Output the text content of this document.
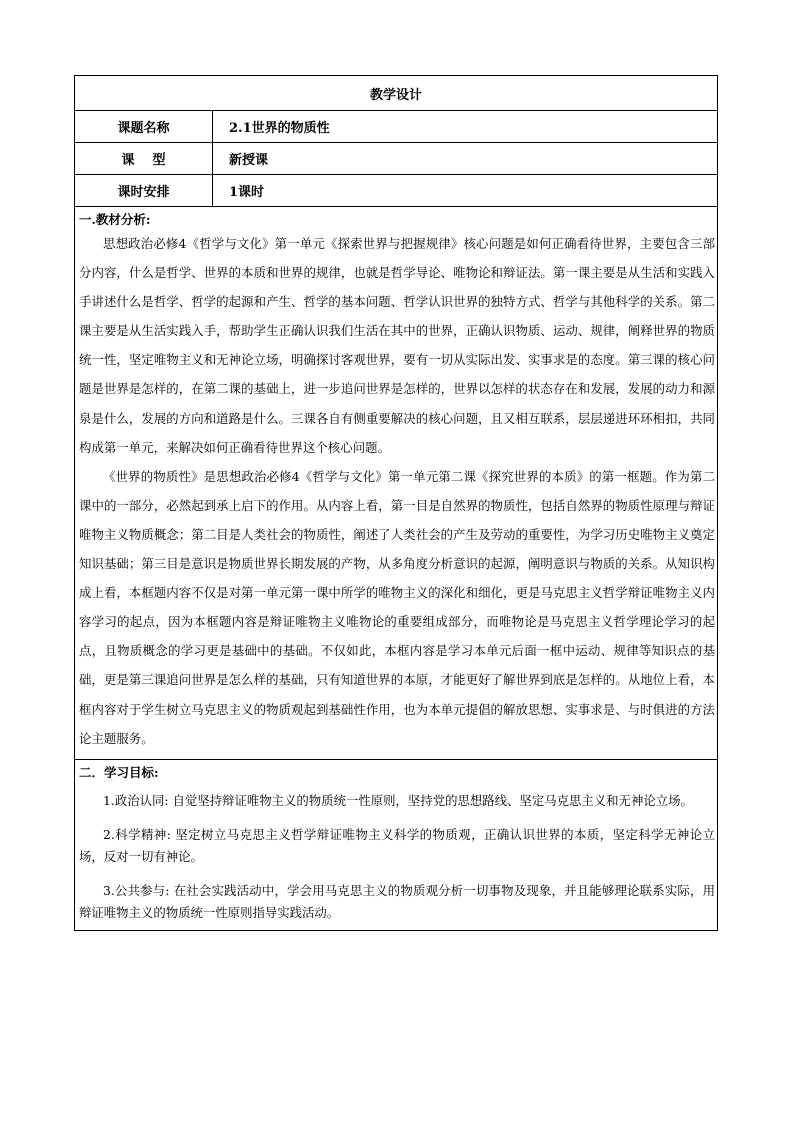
教学设计	
课题名称	2.1世界的物质性
课    型	新授课
课时安排	1课时

一.教材分析:

思想政治必修4《哲学与文化》第一单元《探索世界与把握规律》核心问题是如何正确看待世界，主要包含三部分内容，什么是哲学、世界的本质和世界的规律，也就是哲学导论、唯物论和辩证法。第一课主要是从生活和实践入手讲述什么是哲学、哲学的起源和产生、哲学的基本问题、哲学认识世界的独特方式、哲学与其他科学的关系。第二课主要是从生活实践入手，帮助学生正确认识我们生活在其中的世界，正确认识物质、运动、规律，阐释世界的物质统一性，坚定唯物主义和无神论立场，明确探讨客观世界，要有一切从实际出发、实事求是的态度。第三课的核心问题是世界是怎样的，在第二课的基础上，进一步追问世界是怎样的，世界以怎样的状态存在和发展，发展的动力和源泉是什么，发展的方向和道路是什么。三课各自有侧重要解决的核心问题，且又相互联系，层层递进环环相扣，共同构成第一单元，来解决如何正确看待世界这个核心问题。

《世界的物质性》是思想政治必修4《哲学与文化》第一单元第二课《探究世界的本质》的第一框题。作为第二课中的一部分，必然起到承上启下的作用。从内容上看，第一目是自然界的物质性，包括自然界的物质性原理与辩证唯物主义物质概念；第二目是人类社会的物质性，阐述了人类社会的产生及劳动的重要性，为学习历史唯物主义奠定知识基础；第三目是意识是物质世界长期发展的产物，从多角度分析意识的起源，阐明意识与物质的关系。从知识构成上看，本框题内容不仅是对第一单元第一课中所学的唯物主义的深化和细化，更是马克思主义哲学辩证唯物主义内容学习的起点，因为本框题内容是辩证唯物主义唯物论的重要组成部分，而唯物论是马克思主义哲学理论学习的起点，且物质概念的学习更是基础中的基础。不仅如此，本框内容是学习本单元后面一框中运动、规律等知识点的基础，更是第三课追问世界是怎么样的基础，只有知道世界的本原，才能更好了解世界到底是怎样的。从地位上看，本框内容对于学生树立马克思主义的物质观起到基础性作用，也为本单元提倡的解放思想、实事求是、与时俱进的方法论主题服务。	

二．学习目标:

1.政治认同: 自觉坚持辩证唯物主义的物质统一性原则，坚持党的思想路线、坚定马克思主义和无神论立场。

2.科学精神: 坚定树立马克思主义哲学辩证唯物主义科学的物质观，正确认识世界的本质，坚定科学无神论立场，反对一切有神论。

3.公共参与: 在社会实践活动中，学会用马克思主义的物质观分析一切事物及现象，并且能够理论联系实际，用辩证唯物主义的物质统一性原则指导实践活动。	
